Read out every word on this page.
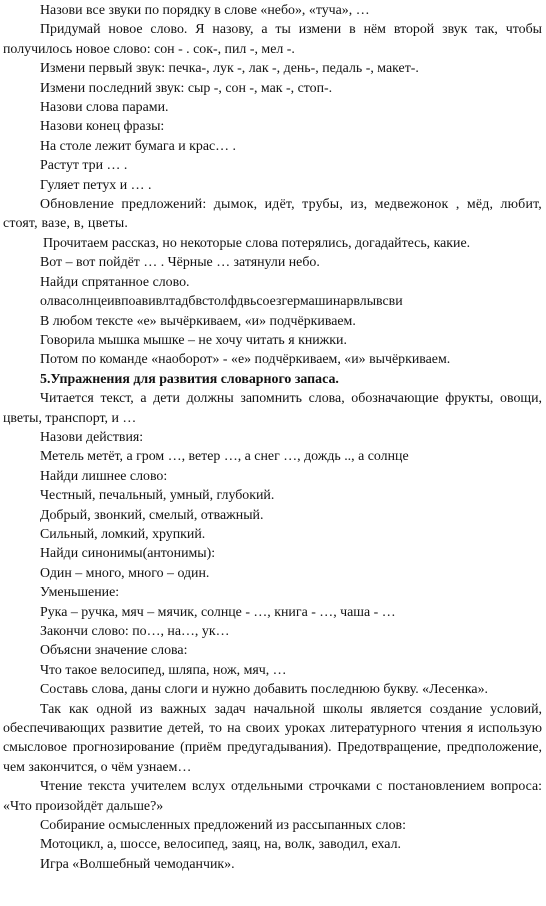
Назови все звуки по порядку в слове «небо», «туча», …

Придумай новое слово. Я назову, а ты измени в нём второй звук так, чтобы получилось новое слово: сон - . сок-, пил -, мел -.

Измени первый звук: печка-, лук -, лак -, день-, педаль -, макет-.

Измени последний звук: сыр -, сон -, мак -, стоп-.

Назови слова парами.

Назови конец фразы:

На столе лежит бумага и крас… .

Растут три … .

Гуляет петух и … .

Обновление предложений: дымок, идёт, трубы, из, медвежонок , мёд, любит, стоят, вазе, в, цветы.

Прочитаем рассказ, но некоторые слова потерялись, догадайтесь, какие.

Вот – вот пойдёт … . Чёрные … затянули небо.

Найди спрятанное слово.

олвасолнцеивпоавивлтадбвстолфдвьсоезгермашинарвлывсви

В любом тексте «е» вычёркиваем, «и» подчёркиваем.

Говорила мышка мышке – не хочу читать я книжки.

Потом по команде «наоборот» - «е» подчёркиваем, «и» вычёркиваем.

5.Упражнения для развития словарного запаса.

Читается текст, а дети должны запомнить слова, обозначающие фрукты, овощи, цветы, транспорт, и …

Назови действия:

Метель метёт, а гром …, ветер …, а снег …, дождь .., а солнце

Найди лишнее слово:

Честный, печальный, умный, глубокий.

Добрый, звонкий, смелый, отважный.

Сильный, ломкий, хрупкий.

Найди синонимы(антонимы):

Один – много, много – один.

Уменьшение:

Рука – ручка, мяч – мячик, солнце - …, книга - …, чаша - …

Закончи слово: по…, на…, ук…

Объясни значение слова:

Что такое велосипед, шляпа, нож, мяч, …

Составь слова, даны слоги и нужно добавить последнюю букву. «Лесенка».

Так как одной из важных задач начальной школы является создание условий, обеспечивающих развитие детей, то на своих уроках литературного чтения я использую смысловое прогнозирование (приём предугадывания). Предотвращение, предположение, чем закончится, о чём узнаем…

Чтение текста учителем вслух отдельными строчками с постановлением вопроса: «Что произойдёт дальше?»

Собирание осмысленных предложений из рассыпанных слов:

Мотоцикл, а, шоссе, велосипед, заяц, на, волк, заводил, ехал.

Игра «Волшебный чемоданчик».
